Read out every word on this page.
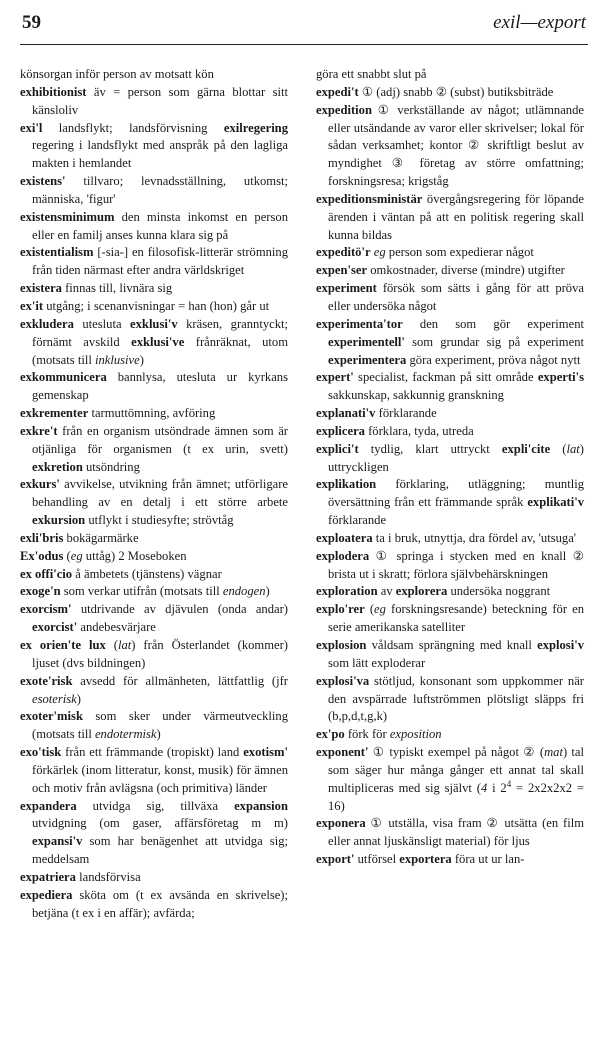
59	exil—export
könsorgan inför person av motsatt kön
exhibitionist äv = person som gärna blottar sitt känsloliv
exi'l landsflykt; landsförvisning exilregering regering i landsflykt med anspråk på den lagliga makten i hemlandet
existens' tillvaro; levnadsställning, utkomst; människa, 'figur'
existensminimum den minsta inkomst en person eller en familj anses kunna klara sig på
existentialism [-sia-] en filosofisk-litterär strömning från tiden närmast efter andra världskriget
existera finnas till, livnära sig
ex'it utgång; i scenanvisningar = han (hon) går ut
exkludera utesluta exklusi'v kräsen, granntyckt; förnämt avskild exklusi've frånräknat, utom (motsats till inklusive)
exkommunicera bannlysa, utesluta ur kyrkans gemenskap
exkrementer tarmuttömning, avföring
exkre't från en organism utsöndrade ämnen som är otjänliga för organismen (t ex urin, svett) exkretion utsöndring
exkurs' avvikelse, utvikning från ämnet; utförligare behandling av en detalj i ett större arbete exkursion utflykt i studiesyfte; strövtåg
exli'bris bokägarmärke
Ex'odus (eg uttåg) 2 Moseboken
ex offi'cio å ämbetets (tjänstens) vägnar
exoge'n som verkar utifrån (motsats till endogen)
exorcism' utdrivande av djävulen (onda andar) exorcist' andebesvärjare
ex orien'te lux (lat) från Österlandet (kommer) ljuset (dvs bildningen)
exote'risk avsedd för allmänheten, lättfattlig (jfr esoterisk)
exoter'misk som sker under värmeutveckling (motsats till endotermisk)
exo'tisk från ett främmande (tropiskt) land exotism' förkärlek (inom litteratur, konst, musik) för ämnen och motiv från avlägsna (och primitiva) länder
expandera utvidga sig, tillväxa expansion utvidgning (om gaser, affärsföretag m m) expansi'v som har benägenhet att utvidga sig; meddelsam
expatriera landsförvisa
expediera sköta om (t ex avsända en skrivelse); betjäna (t ex i en affär); avfärda;
göra ett snabbt slut på
expedi't ① (adj) snabb ② (subst) butiksbiträde
expedition ① verkställande av något; utlämnande eller utsändande av varor eller skrivelser; lokal för sådan verksamhet; kontor ② skriftligt beslut av myndighet ③ företag av större omfattning; forskningsresa; krigståg
expeditionsministär övergångsregering för löpande ärenden i väntan på att en politisk regering skall kunna bildas
expeditö'r eg person som expedierar något
expen'ser omkostnader, diverse (mindre) utgifter
experiment försök som sätts i gång för att pröva eller undersöka något
experimenta'tor den som gör experiment experimentell' som grundar sig på experiment experimentera göra experiment, pröva något nytt
expert' specialist, fackman på sitt område experti's sakkunskap, sakkunnig granskning
explanati'v förklarande
explicera förklara, tyda, utreda
explici't tydlig, klart uttryckt expli'cite (lat) uttryckligen
explikation förklaring, utläggning; muntlig översättning från ett främmande språk explikati'v förklarande
exploatera ta i bruk, utnyttja, dra fördel av, 'utsuga'
explodera ① springa i stycken med en knall ② brista ut i skratt; förlora självbehärskningen
exploration av explorera undersöka noggrant
explo'rer (eg forskningsresande) beteckning för en serie amerikanska satelliter
explosion våldsam sprängning med knall explosi'v som lätt exploderar
explosi'va stötljud, konsonant som uppkommer när den avspärrade luftströmmen plötsligt släpps fri (b,p,d,t,g,k)
ex'po förk för exposition
exponent' ① typiskt exempel på något ② (mat) tal som säger hur många gånger ett annat tal skall multipliceras med sig självt (4 i $2^4 = 2x2x2x2 = 16$)
exponera ① utställa, visa fram ② utsätta (en film eller annat ljuskänsligt material) för ljus
export' utförsel exportera föra ut ur lan-
